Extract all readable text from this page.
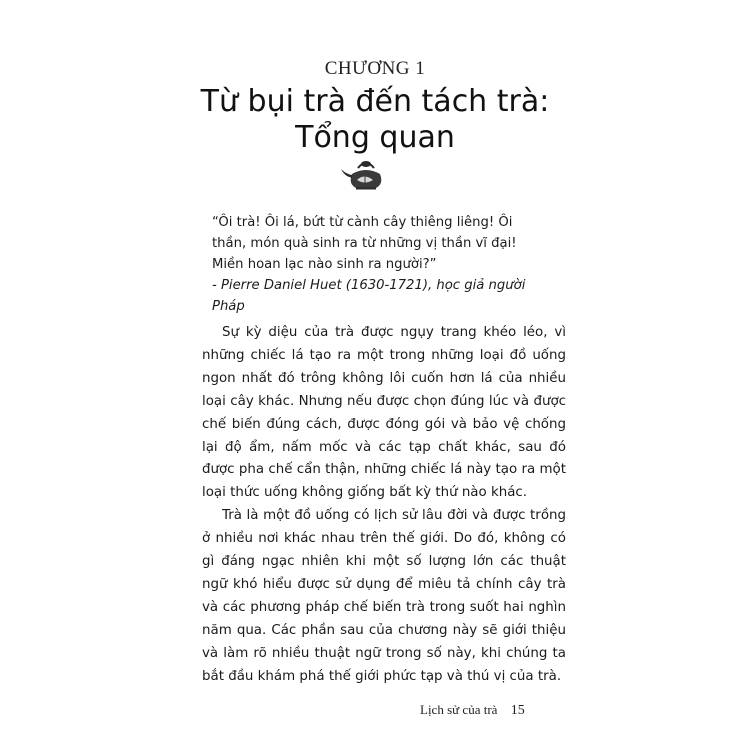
CHƯƠNG 1
Từ bụi trà đến tách trà:
Tổng quan
“Ôi trà! Ôi lá, bứt từ cành cây thiêng liêng! Ôi thần, món quà sinh ra từ những vị thần vĩ đại! Miền hoan lạc nào sinh ra người?”
- Pierre Daniel Huet (1630-1721), học giả người Pháp

Sự kỳ diệu của trà được ngụy trang khéo léo, vì những chiếc lá tạo ra một trong những loại đồ uống ngon nhất đó trông không lôi cuốn hơn lá của nhiều loại cây khác. Nhưng nếu được chọn đúng lúc và được chế biến đúng cách, được đóng gói và bảo vệ chống lại độ ẩm, nấm mốc và các tạp chất khác, sau đó được pha chế cẩn thận, những chiếc lá này tạo ra một loại thức uống không giống bất kỳ thứ nào khác.

Trà là một đồ uống có lịch sử lâu đời và được trồng ở nhiều nơi khác nhau trên thế giới. Do đó, không có gì đáng ngạc nhiên khi một số lượng lớn các thuật ngữ khó hiểu được sử dụng để miêu tả chính cây trà và các phương pháp chế biến trà trong suốt hai nghìn năm qua. Các phần sau của chương này sẽ giới thiệu và làm rõ nhiều thuật ngữ trong số này, khi chúng ta bắt đầu khám phá thế giới phức tạp và thú vị của trà.

Lịch sử của trà 15
